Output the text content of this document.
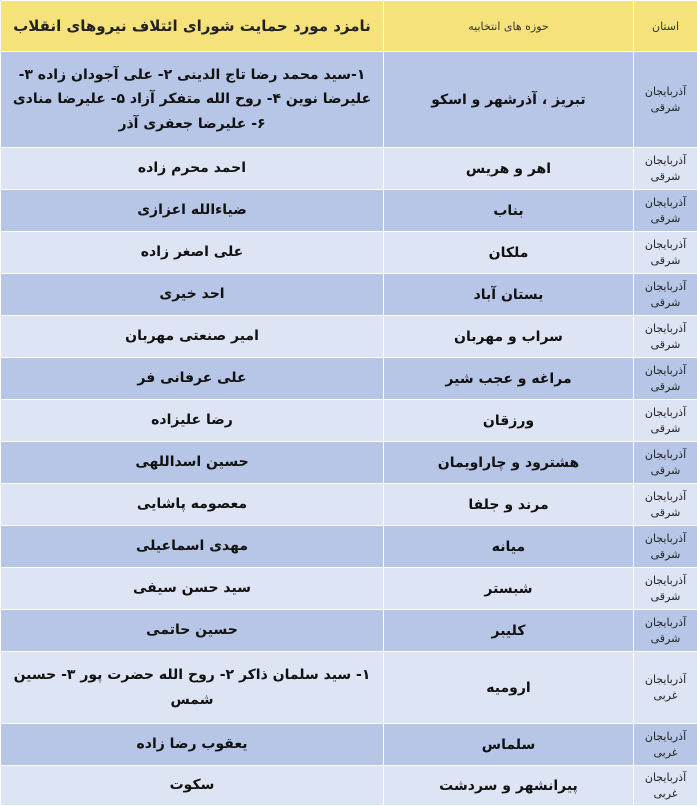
استان	حوزه های انتخابیه	نامزد مورد حمایت شورای ائتلاف نیروهای انقلاب
آذربایجان شرقی	تبریز ، آذرشهر و اسکو	۱-سید محمد رضا تاج الدینی ۲- علی آجودان زاده ۳- علیرضا نوین ۴- روح الله متفکر آزاد ۵- علیرضا منادی ۶- علیرضا جعفری آذر
آذربایجان شرقی	اهر و هریس	احمد محرم زاده
آذربایجان شرقی	بناب	ضیاءالله اعزازی
آذربایجان شرقی	ملکان	علی اصغر زاده
آذربایجان شرقی	بستان آباد	احد خیری
آذربایجان شرقی	سراب و مهربان	امیر صنعتی مهربان
آذربایجان شرقی	مراغه و عجب شیر	علی عرفانی فر
آذربایجان شرقی	ورزقان	رضا علیزاده
آذربایجان شرقی	هشترود و چاراویمان	حسین اسداللهی
آذربایجان شرقی	مرند و جلفا	معصومه پاشایی
آذربایجان شرقی	میانه	مهدی اسماعیلی
آذربایجان شرقی	شبستر	سید حسن سیفی
آذربایجان شرقی	کلیبر	حسین حاتمی
آذربایجان غربی	ارومیه	۱- سید سلمان ذاکر ۲- روح الله حضرت پور ۳- حسین شمس
آذربایجان غربی	سلماس	یعقوب رضا زاده
آذربایجان غربی	پیرانشهر و سردشت	سکوت
